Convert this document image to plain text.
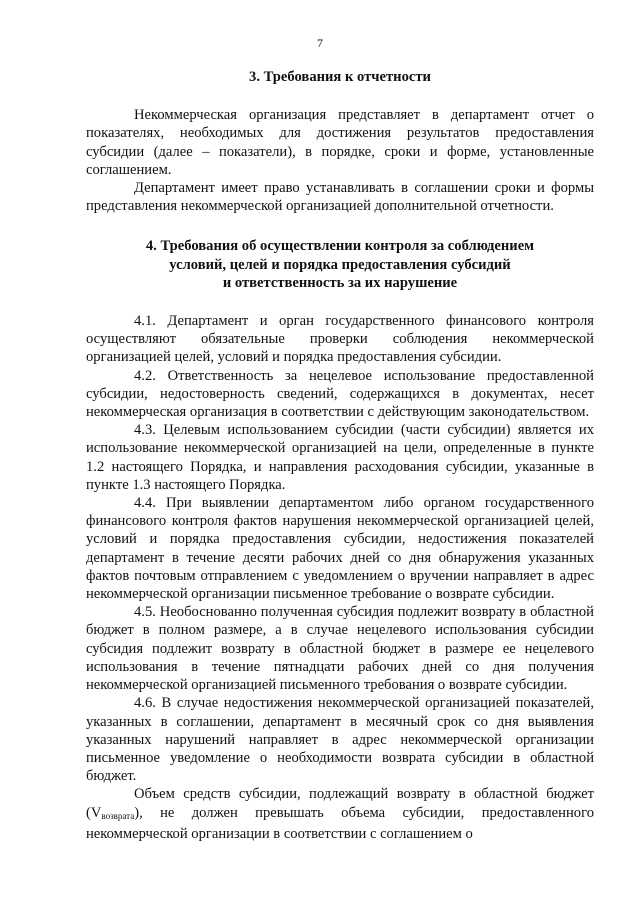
7
3. Требования к отчетности

Некоммерческая организация представляет в департамент отчет о показателях, необходимых для достижения результатов предоставления субсидии (далее – показатели), в порядке, сроки и форме, установленные соглашением.

Департамент имеет право устанавливать в соглашении сроки и формы представления некоммерческой организацией дополнительной отчетности.

4. Требования об осуществлении контроля за соблюдением
условий, целей и порядка предоставления субсидий
и ответственность за их нарушение

4.1. Департамент и орган государственного финансового контроля осуществляют обязательные проверки соблюдения некоммерческой организацией целей, условий и порядка предоставления субсидии.

4.2. Ответственность за нецелевое использование предоставленной субсидии, недостоверность сведений, содержащихся в документах, несет некоммерческая организация в соответствии с действующим законодательством.

4.3. Целевым использованием субсидии (части субсидии) является их использование некоммерческой организацией на цели, определенные в пункте 1.2 настоящего Порядка, и направления расходования субсидии, указанные в пункте 1.3 настоящего Порядка.

4.4. При выявлении департаментом либо органом государственного финансового контроля фактов нарушения некоммерческой организацией целей, условий и порядка предоставления субсидии, недостижения показателей департамент в течение десяти рабочих дней со дня обнаружения указанных фактов почтовым отправлением с уведомлением о вручении направляет в адрес некоммерческой организации письменное требование о возврате субсидии.

4.5. Необоснованно полученная субсидия подлежит возврату в областной бюджет в полном размере, а в случае нецелевого использования субсидии субсидия подлежит возврату в областной бюджет в размере ее нецелевого использования в течение пятнадцати рабочих дней со дня получения некоммерческой организацией письменного требования о возврате субсидии.

4.6. В случае недостижения некоммерческой организацией показателей, указанных в соглашении, департамент в месячный срок со дня выявления указанных нарушений направляет в адрес некоммерческой организации письменное уведомление о необходимости возврата субсидии в областной бюджет.

Объем средств субсидии, подлежащий возврату в областной бюджет (Vвозврата), не должен превышать объема субсидии, предоставленного некоммерческой организации в соответствии с соглашением о
